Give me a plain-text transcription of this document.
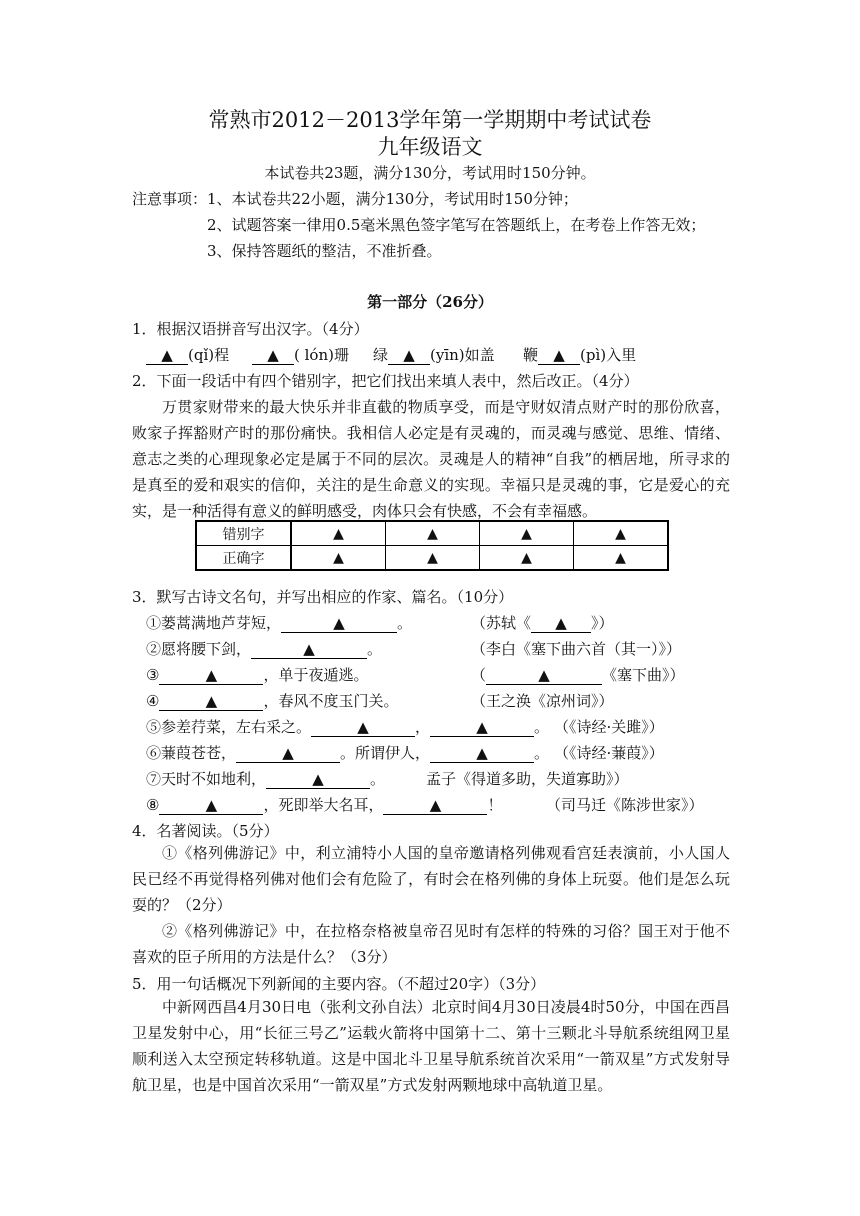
常熟市2012－2013学年第一学期期中考试试卷
九年级语文
本试卷共23题，满分130分，考试用时150分钟。
注意事项： 1、本试卷共22小题，满分130分，考试用时150分钟；
2、试题答案一律用0.5毫米黑色签字笔写在答题纸上，在考卷上作答无效；
3、保持答题纸的整洁，不准折叠。
第一部分（26分）
1．根据汉语拼音写出汉字。（4分）
▲ (qǐ)程	▲ ( lón)珊 绿 ▲ (yīn)如盖 鞭 ▲ (pì)入里
2．下面一段话中有四个错别字，把它们找出来填人表中，然后改正。（4分）
万贯家财带来的最大快乐并非直截的物质享受，而是守财奴清点财产时的那份欣喜，败家子挥豁财产时的那份痛快。我相信人必定是有灵魂的，而灵魂与感觉、思维、情绪、意志之类的心理现象必定是属于不同的层次。灵魂是人的精神“自我”的栖居地，所寻求的是真至的爱和艰实的信仰，关注的是生命意义的实现。幸福只是灵魂的事，它是爱心的充实，是一种活得有意义的鲜明感受，肉体只会有快感，不会有幸福感。
错别字	▲	▲	▲	▲
正确字	▲	▲	▲	▲
3．默写古诗文名句，并写出相应的作家、篇名。（10分）
①蒌蒿满地芦芽短，	▲	。	（苏轼《 ▲ 》）
②愿将腰下剑，	▲	。	（李白《塞下曲六首（其一）》）
③	▲	，单于夜遁逃。	（	▲	《塞下曲》）
④	▲	，春风不度玉门关。	（王之涣《凉州词》）
⑤参差荇菜，左右采之。	▲	，	▲	。 （《诗经·关雎》）
⑥蒹葭苍苍，	▲	。所谓伊人，	▲	。 （《诗经·蒹葭》）
⑦天时不如地利，	▲	。	孟子《得道多助，失道寡助》）
⑧	▲	，死即举大名耳，	▲	！	（司马迁《陈涉世家》）
4．名著阅读。（5分）
①《格列佛游记》中，利立浦特小人国的皇帝邀请格列佛观看宫廷表演前，小人国人民已经不再觉得格列佛对他们会有危险了，有时会在格列佛的身体上玩耍。他们是怎么玩耍的？（2分）
②《格列佛游记》中，在拉格奈格被皇帝召见时有怎样的特殊的习俗？国王对于他不喜欢的臣子所用的方法是什么？（3分）
5．用一句话概况下列新闻的主要内容。（不超过20字）（3分）
中新网西昌4月30日电（张利文孙自法）北京时间4月30日凌晨4时50分，中国在西昌卫星发射中心，用“长征三号乙”运载火箭将中国第十二、第十三颗北斗导航系统组网卫星顺利送入太空预定转移轨道。这是中国北斗卫星导航系统首次采用“一箭双星”方式发射导航卫星，也是中国首次采用“一箭双星”方式发射两颗地球中高轨道卫星。
